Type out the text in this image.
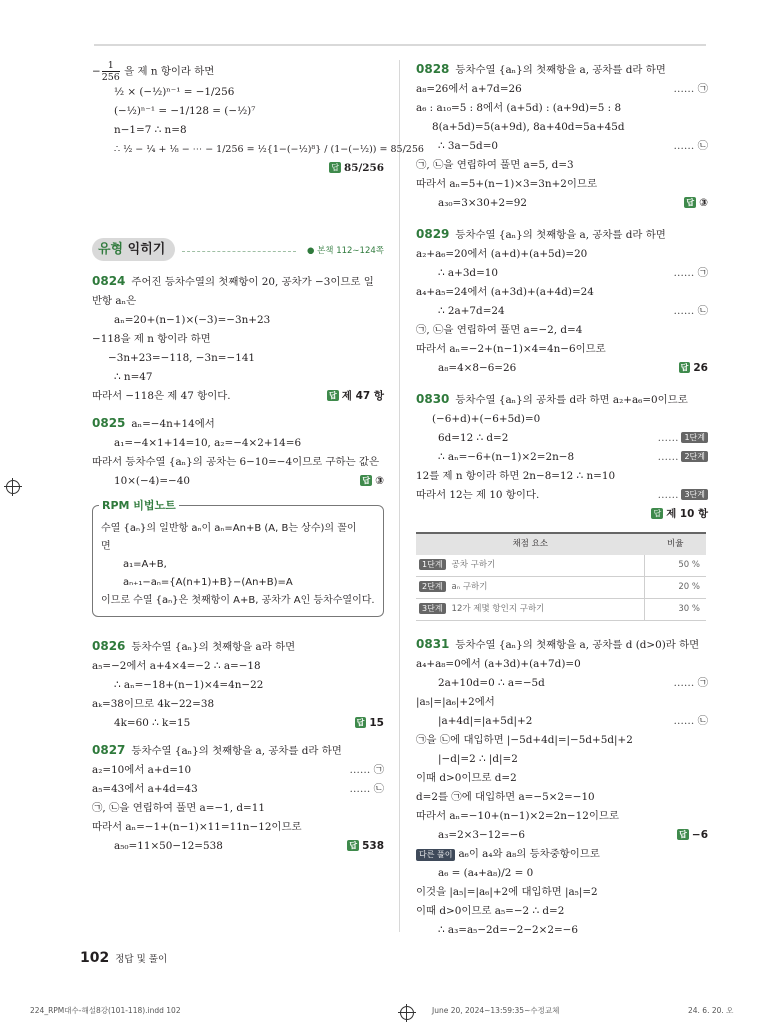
− $\frac{1}{256}$ 을 제 n 항이라 하면
½ × (−½)ⁿ⁻¹ = −1/256
(−½)ⁿ⁻¹ = −1/128 = (−½)⁷
n−1=7 ∴ n=8
∴ ½ − ¼ + ⅛ − ⋯ − 1/256 = ½{1−(−½)⁸} / (1−(−½)) = 85/256
답 85/256
유형 익히기	● 본책 112∼124쪽
0824 주어진 등차수열의 첫째항이 20, 공차가 −3이므로 일
반항 aₙ은
aₙ=20+(n−1)×(−3)=−3n+23
−118을 제 n 항이라 하면
−3n+23=−118, −3n=−141
∴ n=47
따라서 −118은 제 47 항이다.	답 제 47 항
0825 aₙ=−4n+14에서
a₁=−4×1+14=10, a₂=−4×2+14=6
따라서 등차수열 {aₙ}의 공차는 6−10=−4이므로 구하는 값은
10×(−4)=−40	답 ③
RPM 비법노트
수열 {aₙ}의 일반항 aₙ이 aₙ=An+B (A, B는 상수)의 꼴이
면
a₁=A+B,
aₙ₊₁−aₙ={A(n+1)+B}−(An+B)=A
이므로 수열 {aₙ}은 첫째항이 A+B, 공차가 A인 등차수열이다.
0826 등차수열 {aₙ}의 첫째항을 a라 하면
a₅=−2에서 a+4×4=−2 ∴ a=−18
∴ aₙ=−18+(n−1)×4=4n−22
aₖ=38이므로 4k−22=38
4k=60 ∴ k=15	답 15
0827 등차수열 {aₙ}의 첫째항을 a, 공차를 d라 하면
a₂=10에서 a+d=10	…… ㉠
a₅=43에서 a+4d=43	…… ㉡
㉠, ㉡을 연립하여 풀면 a=−1, d=11
따라서 aₙ=−1+(n−1)×11=11n−12이므로
a₅₀=11×50−12=538	답 538
0828 등차수열 {aₙ}의 첫째항을 a, 공차를 d라 하면
a₈=26에서 a+7d=26	…… ㉠
a₆ : a₁₀=5 : 8에서 (a+5d) : (a+9d)=5 : 8
8(a+5d)=5(a+9d), 8a+40d=5a+45d
∴ 3a−5d=0	…… ㉡
㉠, ㉡을 연립하여 풀면 a=5, d=3
따라서 aₙ=5+(n−1)×3=3n+2이므로
a₃₀=3×30+2=92	답 ③
0829 등차수열 {aₙ}의 첫째항을 a, 공차를 d라 하면
a₂+a₆=20에서 (a+d)+(a+5d)=20
∴ a+3d=10	…… ㉠
a₄+a₅=24에서 (a+3d)+(a+4d)=24
∴ 2a+7d=24	…… ㉡
㉠, ㉡을 연립하여 풀면 a=−2, d=4
따라서 aₙ=−2+(n−1)×4=4n−6이므로
a₈=4×8−6=26	답 26
0830 등차수열 {aₙ}의 공차를 d라 하면 a₂+a₆=0이므로
(−6+d)+(−6+5d)=0
6d=12 ∴ d=2	1단계
……
∴ aₙ=−6+(n−1)×2=2n−8	2단계
……
12를 제 n 항이라 하면 2n−8=12 ∴ n=10
따라서 12는 제 10 항이다.	3단계
……
답 제 10 항
채점 요소	비율
1단계 공차 구하기	50 %
2단계 aₙ 구하기	20 %
3단계 12가 제몇 항인지 구하기	30 %
0831 등차수열 {aₙ}의 첫째항을 a, 공차를 d (d>0)라 하면
a₄+a₈=0에서 (a+3d)+(a+7d)=0
2a+10d=0 ∴ a=−5d	…… ㉠
|a₅|=|a₆|+2에서
|a+4d|=|a+5d|+2	…… ㉡
㉠을 ㉡에 대입하면 |−5d+4d|=|−5d+5d|+2
|−d|=2 ∴ |d|=2
이때 d>0이므로 d=2
d=2를 ㉠에 대입하면 a=−5×2=−10
따라서 aₙ=−10+(n−1)×2=2n−12이므로
a₃=2×3−12=−6	답 −6
다른 풀이 a₆이 a₄와 a₈의 등차중항이므로
a₆ = (a₄+a₈)/2 = 0
이것을 |a₅|=|a₆|+2에 대입하면 |a₅|=2
이때 d>0이므로 a₅=−2 ∴ d=2
∴ a₃=a₅−2d=−2−2×2=−6
102 정답 및 풀이
224_RPM대수-해설8강(101-118).indd 102	June 20, 2024~13:59:35~수정교체	24. 6. 20. 오
